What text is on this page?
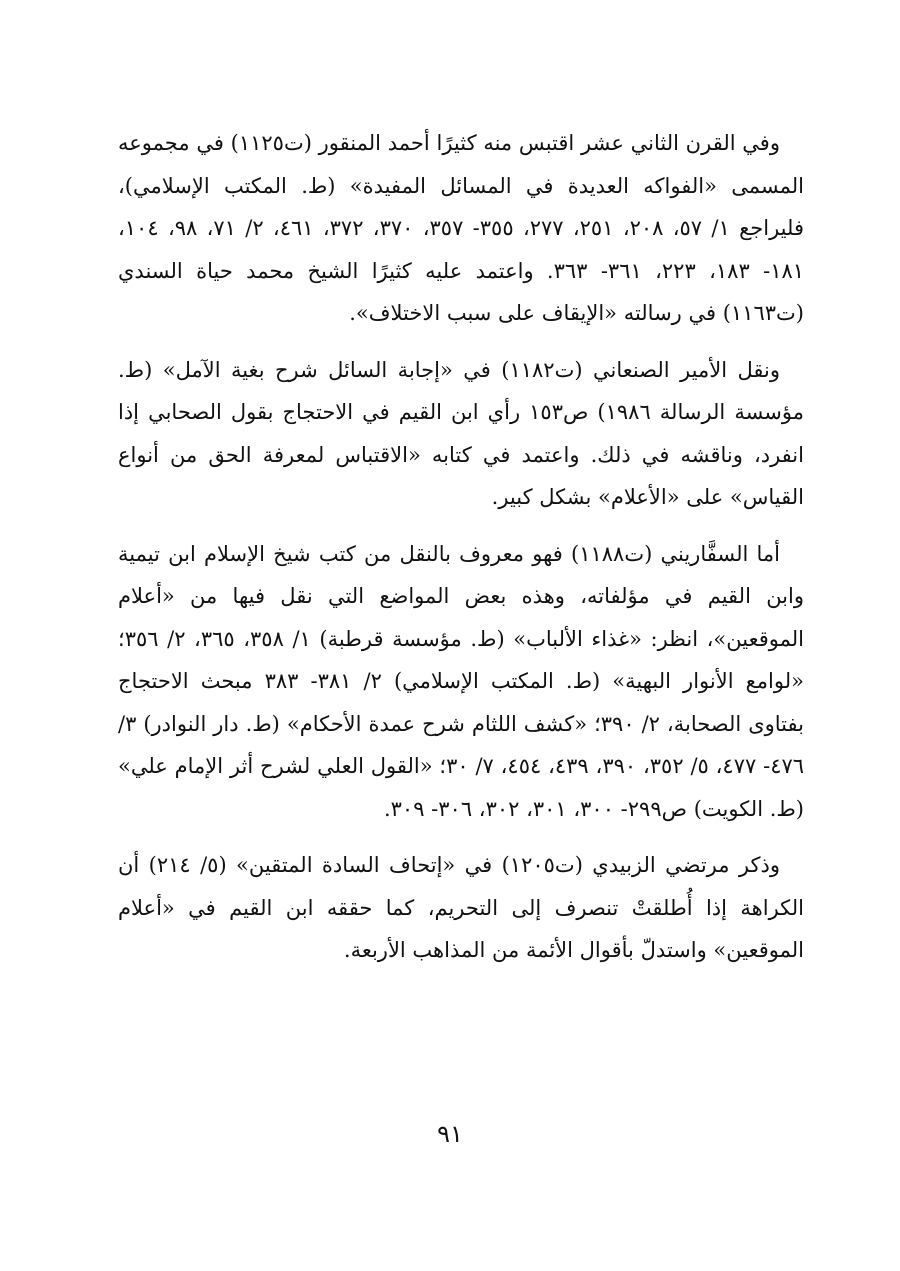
وفي القرن الثاني عشر اقتبس منه كثيرًا أحمد المنقور (ت١١٢٥) في مجموعه المسمى «الفواكه العديدة في المسائل المفيدة» (ط. المكتب الإسلامي)، فليراجع ١/ ٥٧، ٢٠٨، ٢٥١، ٢٧٧، ٣٥٥- ٣٥٧، ٣٧٠، ٣٧٢، ٤٦١، ٢/ ٧١، ٩٨، ١٠٤، ١٨١- ١٨٣، ٢٢٣، ٣٦١- ٣٦٣. واعتمد عليه كثيرًا الشيخ محمد حياة السندي (ت١١٦٣) في رسالته «الإيقاف على سبب الاختلاف».

ونقل الأمير الصنعاني (ت١١٨٢) في «إجابة السائل شرح بغية الآمل» (ط. مؤسسة الرسالة ١٩٨٦) ص١٥٣ رأي ابن القيم في الاحتجاج بقول الصحابي إذا انفرد، وناقشه في ذلك. واعتمد في كتابه «الاقتباس لمعرفة الحق من أنواع القياس» على «الأعلام» بشكل كبير.

أما السفَّاريني (ت١١٨٨) فهو معروف بالنقل من كتب شيخ الإسلام ابن تيمية وابن القيم في مؤلفاته، وهذه بعض المواضع التي نقل فيها من «أعلام الموقعين»، انظر: «غذاء الألباب» (ط. مؤسسة قرطبة) ١/ ٣٥٨، ٣٦٥، ٢/ ٣٥٦؛ «لوامع الأنوار البهية» (ط. المكتب الإسلامي) ٢/ ٣٨١- ٣٨٣ مبحث الاحتجاج بفتاوى الصحابة، ٢/ ٣٩٠؛ «كشف اللثام شرح عمدة الأحكام» (ط. دار النوادر) ٣/ ٤٧٦- ٤٧٧، ٥/ ٣٥٢، ٣٩٠، ٤٣٩، ٤٥٤، ٧/ ٣٠؛ «القول العلي لشرح أثر الإمام علي» (ط. الكويت) ص٢٩٩- ٣٠٠، ٣٠١، ٣٠٢، ٣٠٦- ٣٠٩.

وذكر مرتضي الزبيدي (ت١٢٠٥) في «إتحاف السادة المتقين» (٥/ ٢١٤) أن الكراهة إذا أُطلقتْ تنصرف إلى التحريم، كما حققه ابن القيم في «أعلام الموقعين» واستدلّ بأقوال الأئمة من المذاهب الأربعة.

٩١
